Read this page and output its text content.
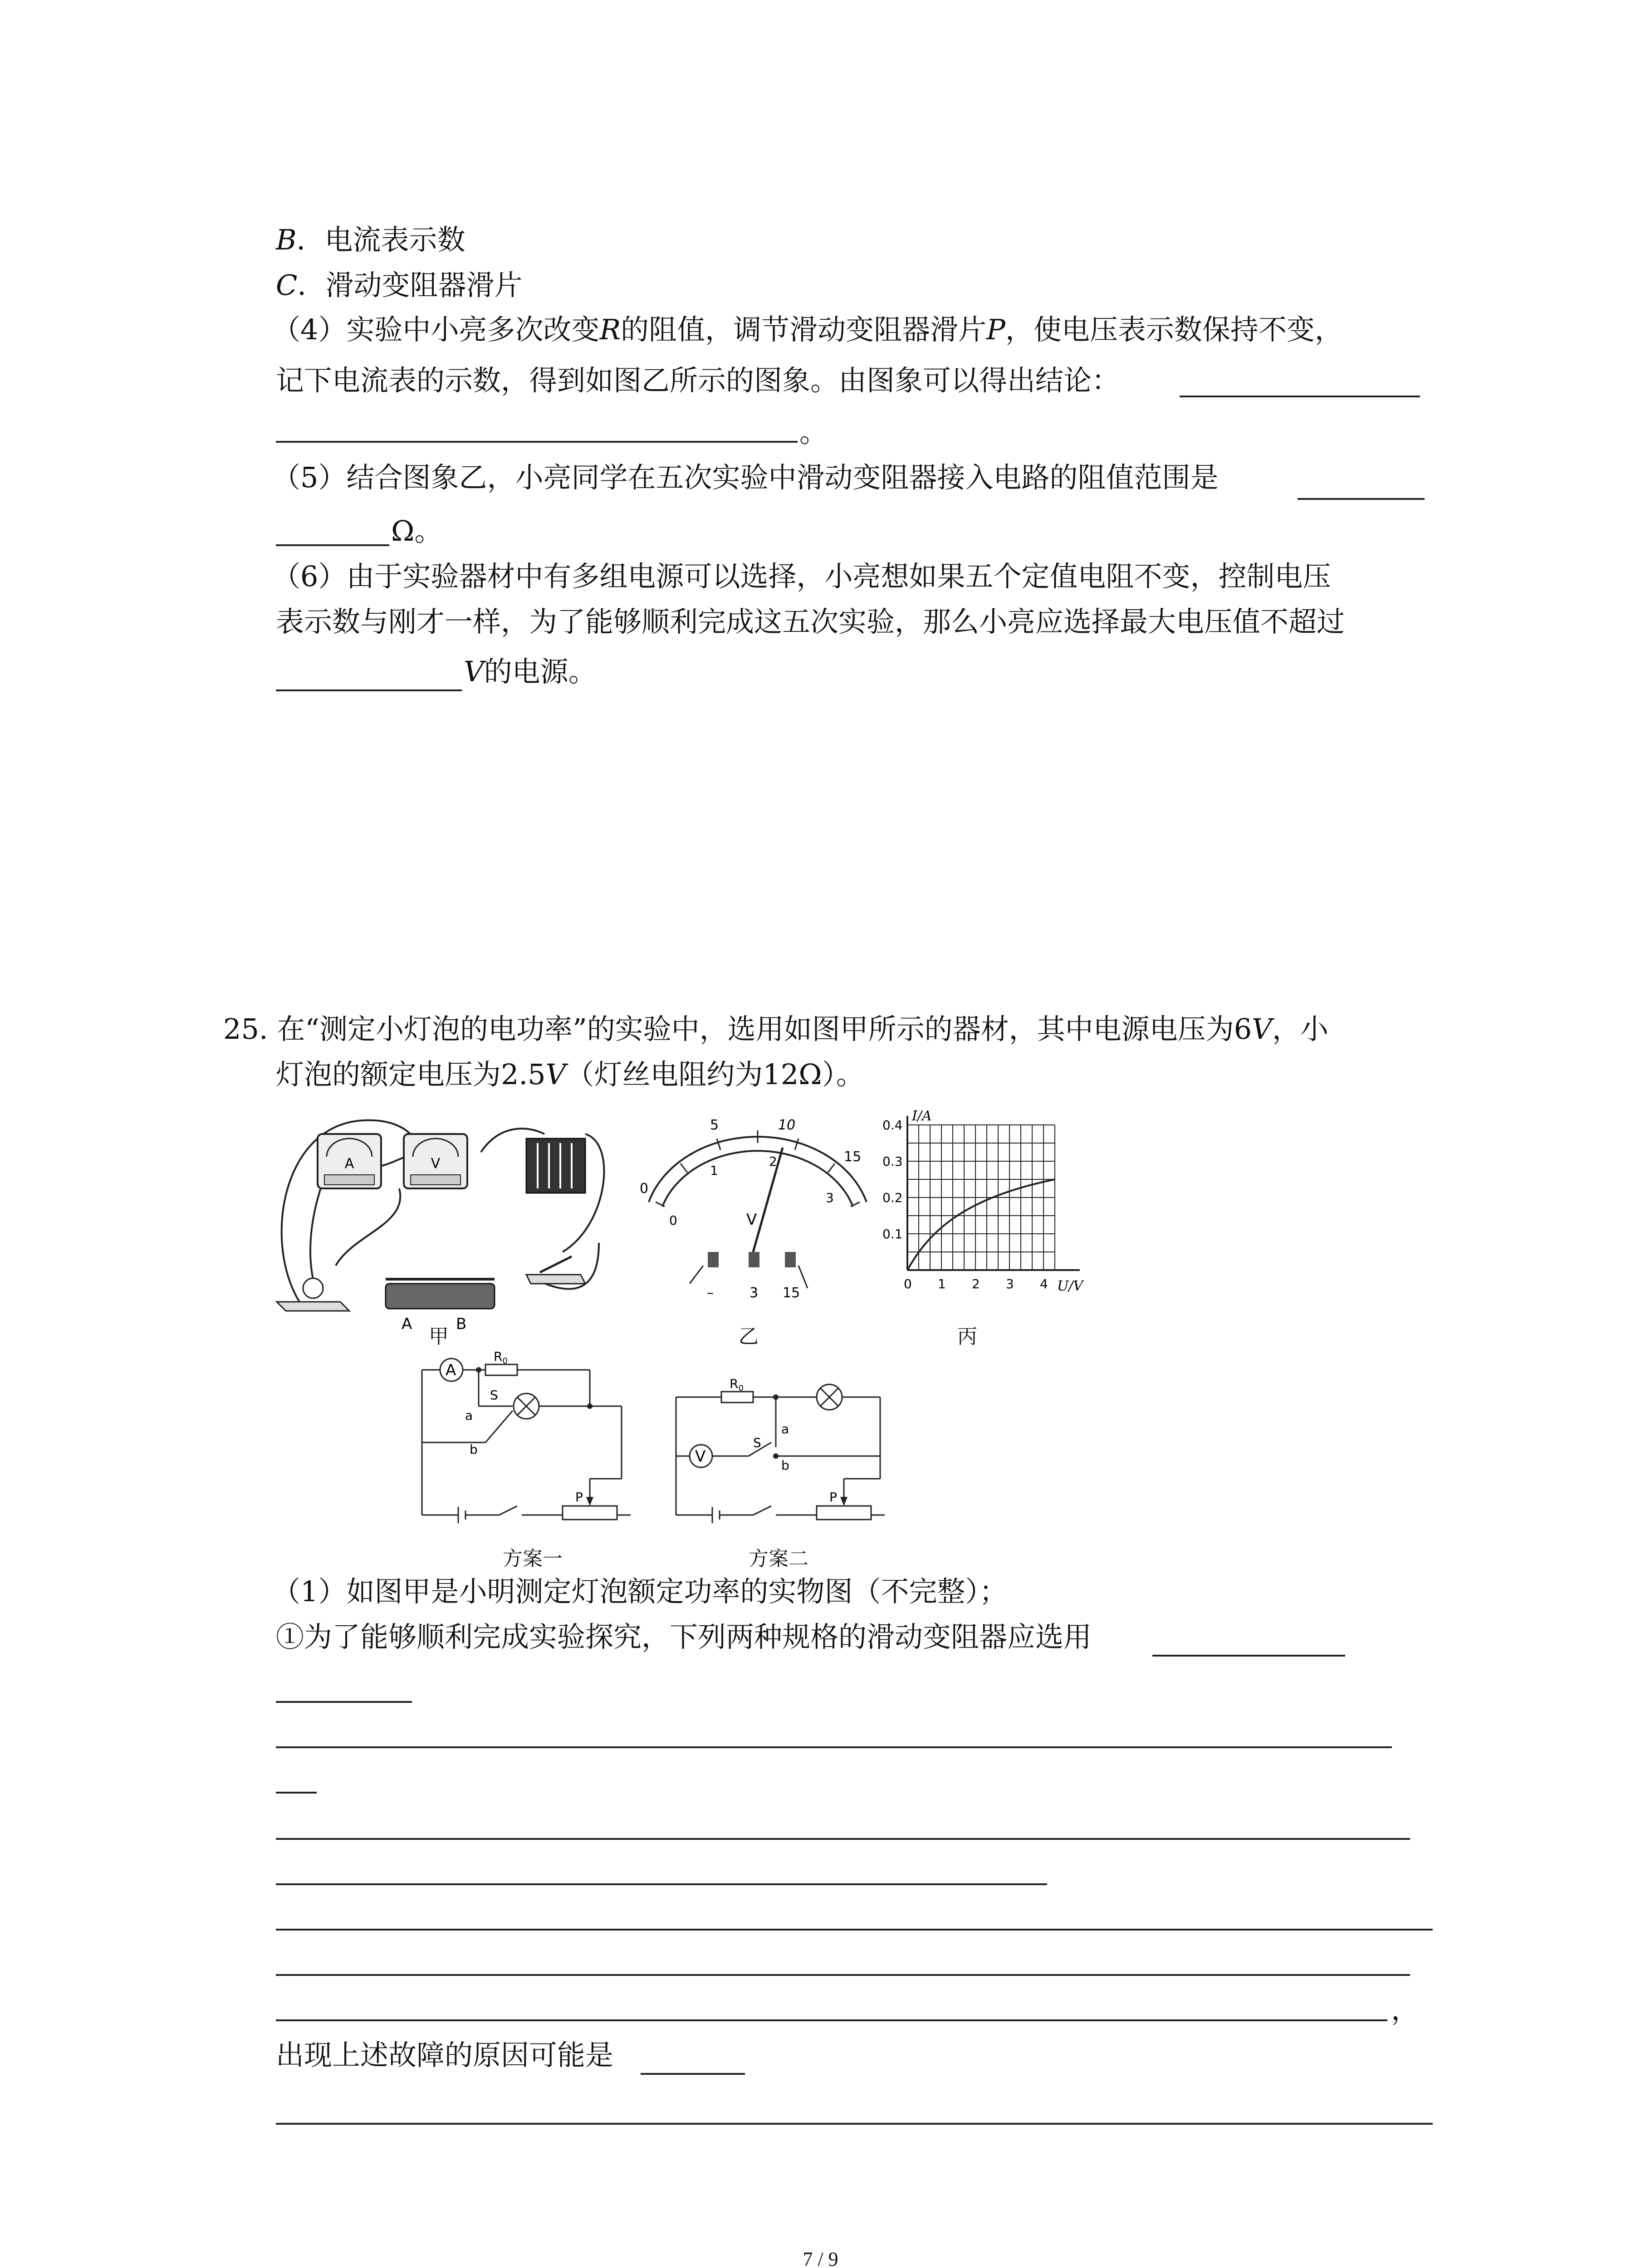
B．电流表示数
C．滑动变阻器滑片
（4）实验中小亮多次改变R的阻值，调节滑动变阻器滑片P，使电压表示数保持不变，
记下电流表的示数，得到如图乙所示的图象。由图象可以得出结论：
。
（5）结合图象乙，小亮同学在五次实验中滑动变阻器接入电路的阻值范围是
Ω。
（6）由于实验器材中有多组电源可以选择，小亮想如果五个定值电阻不变，控制电压
表示数与刚才一样，为了能够顺利完成这五次实验，那么小亮应选择最大电压值不超过
V的电源。
25. 在“测定小灯泡的电功率”的实验中，选用如图甲所示的器材，其中电源电压为6V，小
灯泡的额定电压为2.5V（灯丝电阻约为12Ω）。
A	V
A	B
甲
0
5	10
15
0
1
2
3
V
–	3 15
乙
I/A
0.4
0.3
0.2
0.1
0 1 2 3 4 U/V
丙
A
$R_0$
S
a
b
P
方案一
V
$R_0$
S
a
b
P
方案二
（1）如图甲是小明测定灯泡额定功率的实物图（不完整）；
①为了能够顺利完成实验探究，下列两种规格的滑动变阻器应选用
，
出现上述故障的原因可能是
7 / 9
